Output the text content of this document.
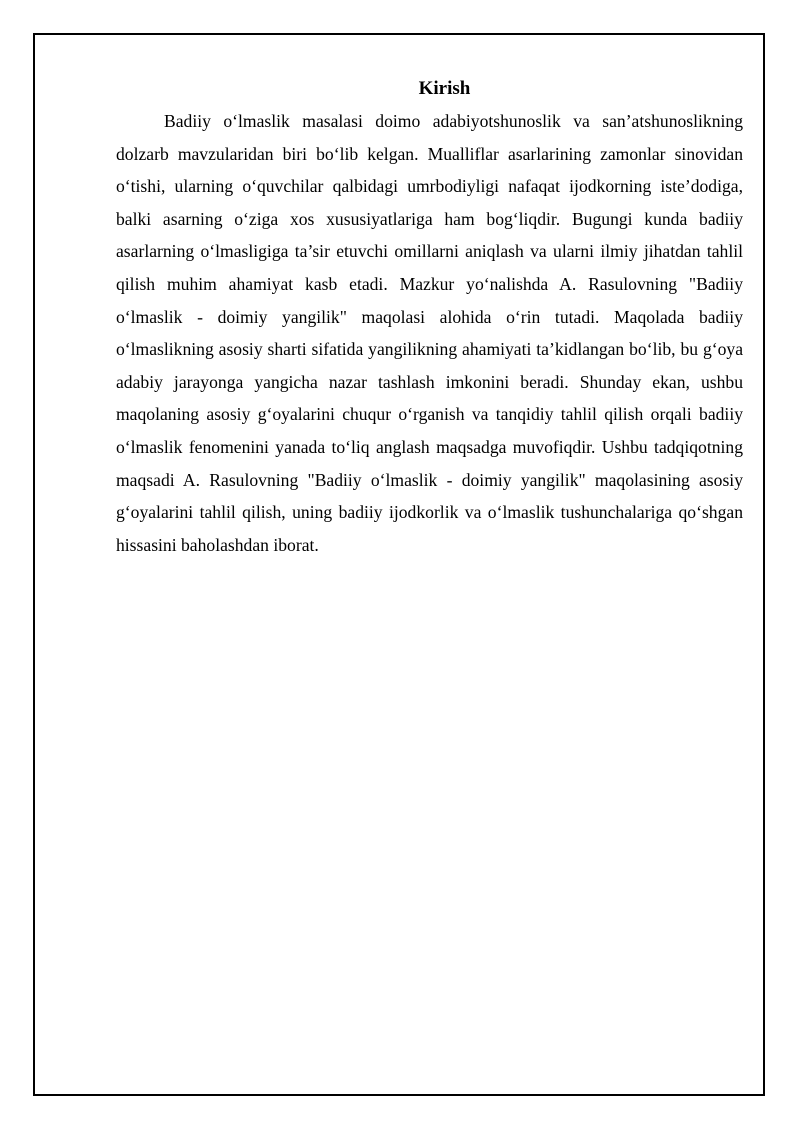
Kirish

Badiiy o‘lmaslik masalasi doimo adabiyotshunoslik va san’atshunoslikning dolzarb mavzularidan biri bo‘lib kelgan. Mualliflar asarlarining zamonlar sinovidan o‘tishi, ularning o‘quvchilar qalbidagi umrbodiyligi nafaqat ijodkorning iste’dodiga, balki asarning o‘ziga xos xususiyatlariga ham bog‘liqdir. Bugungi kunda badiiy asarlarning o‘lmasligiga ta’sir etuvchi omillarni aniqlash va ularni ilmiy jihatdan tahlil qilish muhim ahamiyat kasb etadi. Mazkur yo‘nalishda A. Rasulovning "Badiiy o‘lmaslik - doimiy yangilik" maqolasi alohida o‘rin tutadi. Maqolada badiiy o‘lmaslikning asosiy sharti sifatida yangilikning ahamiyati ta’kidlangan bo‘lib, bu g‘oya adabiy jarayonga yangicha nazar tashlash imkonini beradi. Shunday ekan, ushbu maqolaning asosiy g‘oyalarini chuqur o‘rganish va tanqidiy tahlil qilish orqali badiiy o‘lmaslik fenomenini yanada to‘liq anglash maqsadga muvofiqdir. Ushbu tadqiqotning maqsadi A. Rasulovning "Badiiy o‘lmaslik - doimiy yangilik" maqolasining asosiy g‘oyalarini tahlil qilish, uning badiiy ijodkorlik va o‘lmaslik tushunchalariga qo‘shgan hissasini baholashdan iborat.
